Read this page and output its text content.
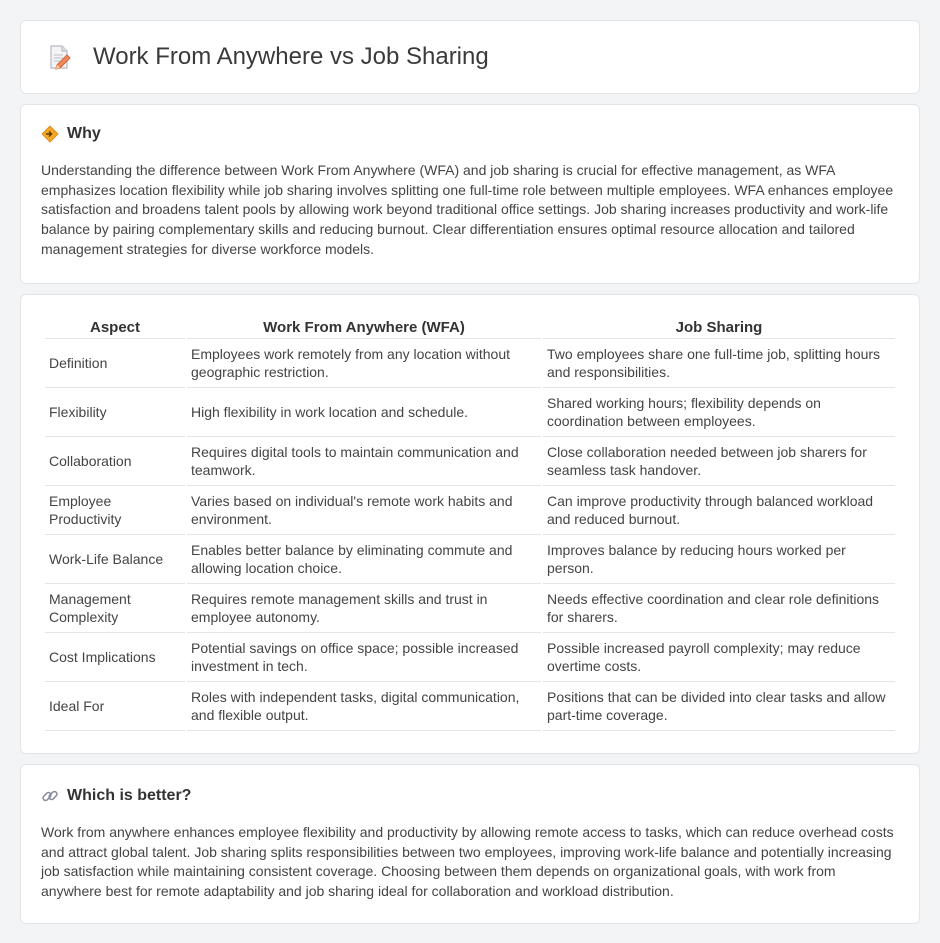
Work From Anywhere vs Job Sharing
Why
Understanding the difference between Work From Anywhere (WFA) and job sharing is crucial for effective management, as WFA emphasizes location flexibility while job sharing involves splitting one full-time role between multiple employees. WFA enhances employee satisfaction and broadens talent pools by allowing work beyond traditional office settings. Job sharing increases productivity and work-life balance by pairing complementary skills and reducing burnout. Clear differentiation ensures optimal resource allocation and tailored management strategies for diverse workforce models.
Aspect	Work From Anywhere (WFA)	Job Sharing
Definition	Employees work remotely from any location without geographic restriction.	Two employees share one full-time job, splitting hours and responsibilities.
Flexibility	High flexibility in work location and schedule.	Shared working hours; flexibility depends on coordination between employees.
Collaboration	Requires digital tools to maintain communication and teamwork.	Close collaboration needed between job sharers for seamless task handover.
Employee Productivity	Varies based on individual's remote work habits and environment.	Can improve productivity through balanced workload and reduced burnout.
Work-Life Balance	Enables better balance by eliminating commute and allowing location choice.	Improves balance by reducing hours worked per person.
Management Complexity	Requires remote management skills and trust in employee autonomy.	Needs effective coordination and clear role definitions for sharers.
Cost Implications	Potential savings on office space; possible increased investment in tech.	Possible increased payroll complexity; may reduce overtime costs.
Ideal For	Roles with independent tasks, digital communication, and flexible output.	Positions that can be divided into clear tasks and allow part-time coverage.
Which is better?
Work from anywhere enhances employee flexibility and productivity by allowing remote access to tasks, which can reduce overhead costs and attract global talent. Job sharing splits responsibilities between two employees, improving work-life balance and potentially increasing job satisfaction while maintaining consistent coverage. Choosing between them depends on organizational goals, with work from anywhere best for remote adaptability and job sharing ideal for collaboration and workload distribution.
